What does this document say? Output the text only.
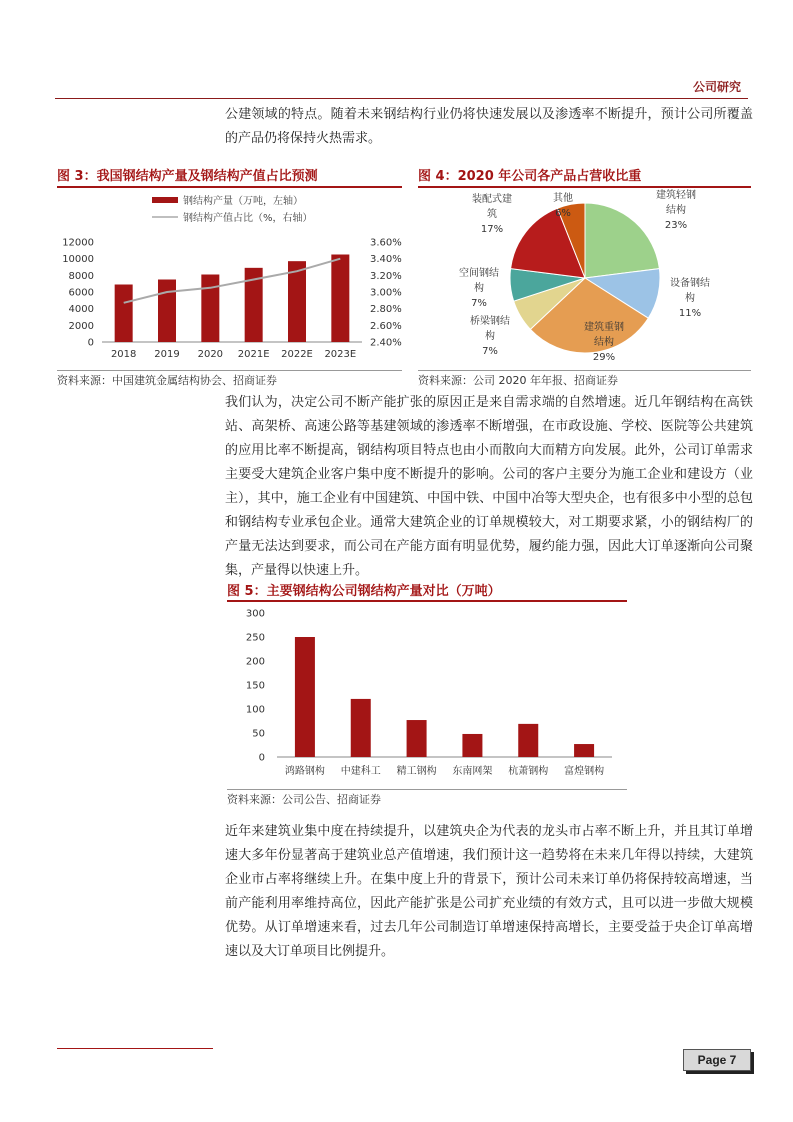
公司研究
公建领域的特点。随着未来钢结构行业仍将快速发展以及渗透率不断提升，预计公司所覆盖的产品仍将保持火热需求。
图 3：我国钢结构产量及钢结构产值占比预测
钢结构产量（万吨，左轴）
钢结构产值占比（%，右轴）
0
2000
4000
6000
8000
10000
12000
2.40%
2.60%
2.80%
3.00%
3.20%
3.40%
3.60%
2018 2019 2020 2021E 2022E 2023E
资料来源：中国建筑金属结构协会、招商证券
图 4：2020 年公司各产品占营收比重
建筑轻钢
结构
23%
设备钢结
构
11%
建筑重钢
结构
29%
桥梁钢结
构
7%
空间钢结
构
7%
装配式建
筑
17%
其他
6%
资料来源：公司 2020 年年报、招商证券
我们认为，决定公司不断产能扩张的原因正是来自需求端的自然增速。近几年钢结构在高铁站、高架桥、高速公路等基建领域的渗透率不断增强，在市政设施、学校、医院等公共建筑的应用比率不断提高，钢结构项目特点也由小而散向大而精方向发展。此外，公司订单需求主要受大建筑企业客户集中度不断提升的影响。公司的客户主要分为施工企业和建设方（业主），其中，施工企业有中国建筑、中国中铁、中国中冶等大型央企，也有很多中小型的总包和钢结构专业承包企业。通常大建筑企业的订单规模较大，对工期要求紧，小的钢结构厂的产量无法达到要求，而公司在产能方面有明显优势，履约能力强，因此大订单逐渐向公司聚集，产量得以快速上升。
图 5：主要钢结构公司钢结构产量对比（万吨）
0
50
100
150
200
250
300
鸿路钢构 中建科工 精工钢构 东南网架 杭萧钢构 富煌钢构
资料来源：公司公告、招商证券
近年来建筑业集中度在持续提升，以建筑央企为代表的龙头市占率不断上升，并且其订单增速大多年份显著高于建筑业总产值增速，我们预计这一趋势将在未来几年得以持续，大建筑企业市占率将继续上升。在集中度上升的背景下，预计公司未来订单仍将保持较高增速，当前产能利用率维持高位，因此产能扩张是公司扩充业绩的有效方式，且可以进一步做大规模优势。从订单增速来看，过去几年公司制造订单增速保持高增长，主要受益于央企订单高增速以及大订单项目比例提升。
Page 7
